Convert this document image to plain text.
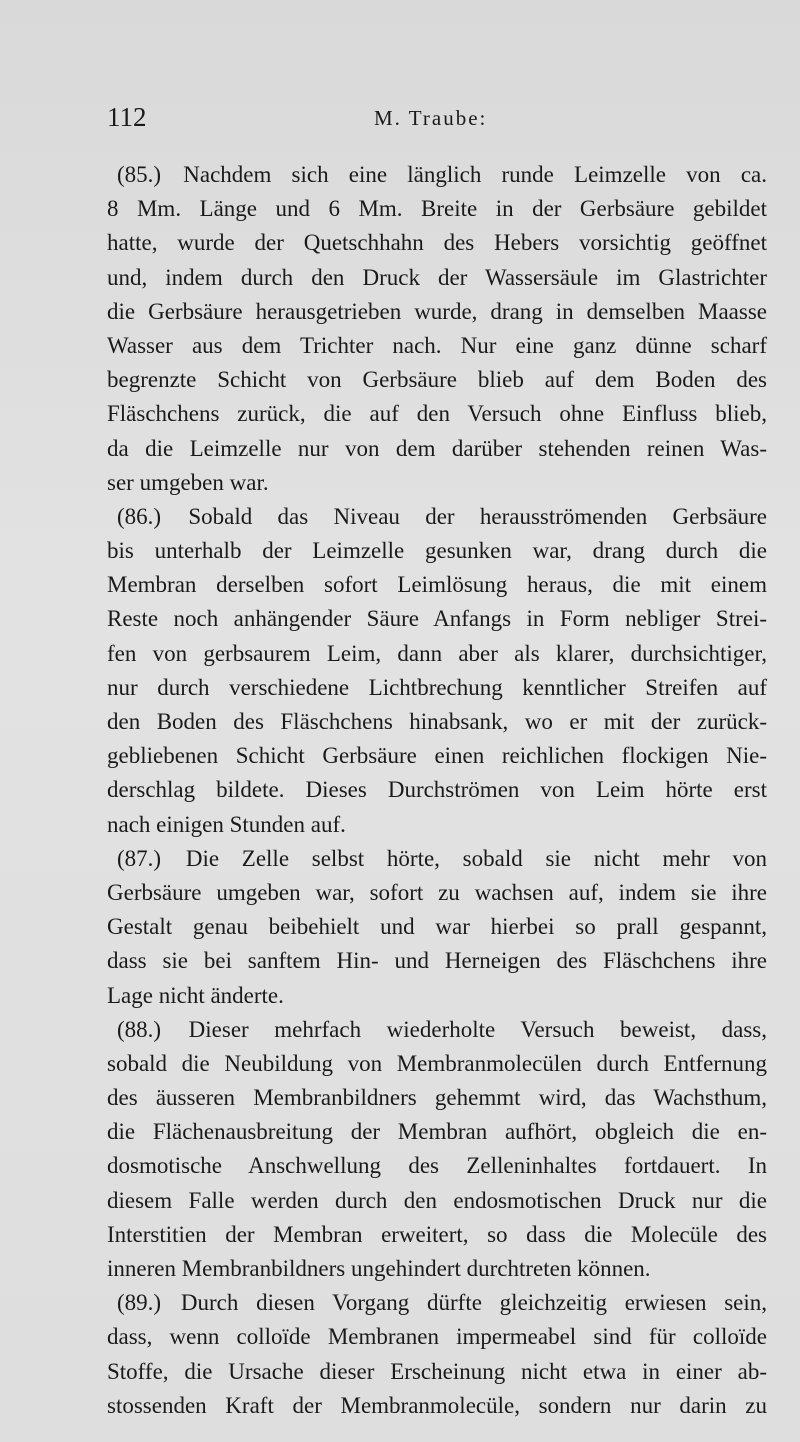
112	M. Traube:

(85.) Nachdem sich eine länglich runde Leimzelle von ca.
8 Mm. Länge und 6 Mm. Breite in der Gerbsäure gebildet
hatte, wurde der Quetschhahn des Hebers vorsichtig geöffnet
und, indem durch den Druck der Wassersäule im Glastrichter
die Gerbsäure herausgetrieben wurde, drang in demselben Maasse
Wasser aus dem Trichter nach. Nur eine ganz dünne scharf
begrenzte Schicht von Gerbsäure blieb auf dem Boden des
Fläschchens zurück, die auf den Versuch ohne Einfluss blieb,
da die Leimzelle nur von dem darüber stehenden reinen Was-
ser umgeben war.

(86.) Sobald das Niveau der herausströmenden Gerbsäure
bis unterhalb der Leimzelle gesunken war, drang durch die
Membran derselben sofort Leimlösung heraus, die mit einem
Reste noch anhängender Säure Anfangs in Form nebliger Strei-
fen von gerbsaurem Leim, dann aber als klarer, durchsichtiger,
nur durch verschiedene Lichtbrechung kenntlicher Streifen auf
den Boden des Fläschchens hinabsank, wo er mit der zurück-
gebliebenen Schicht Gerbsäure einen reichlichen flockigen Nie-
derschlag bildete. Dieses Durchströmen von Leim hörte erst
nach einigen Stunden auf.

(87.) Die Zelle selbst hörte, sobald sie nicht mehr von
Gerbsäure umgeben war, sofort zu wachsen auf, indem sie ihre
Gestalt genau beibehielt und war hierbei so prall gespannt,
dass sie bei sanftem Hin- und Herneigen des Fläschchens ihre
Lage nicht änderte.

(88.) Dieser mehrfach wiederholte Versuch beweist, dass,
sobald die Neubildung von Membranmolecülen durch Entfernung
des äusseren Membranbildners gehemmt wird, das Wachsthum,
die Flächenausbreitung der Membran aufhört, obgleich die en-
dosmotische Anschwellung des Zelleninhaltes fortdauert. In
diesem Falle werden durch den endosmotischen Druck nur die
Interstitien der Membran erweitert, so dass die Molecüle des
inneren Membranbildners ungehindert durchtreten können.

(89.) Durch diesen Vorgang dürfte gleichzeitig erwiesen sein,
dass, wenn colloïde Membranen impermeabel sind für colloïde
Stoffe, die Ursache dieser Erscheinung nicht etwa in einer ab-
stossenden Kraft der Membranmolecüle, sondern nur darin zu
